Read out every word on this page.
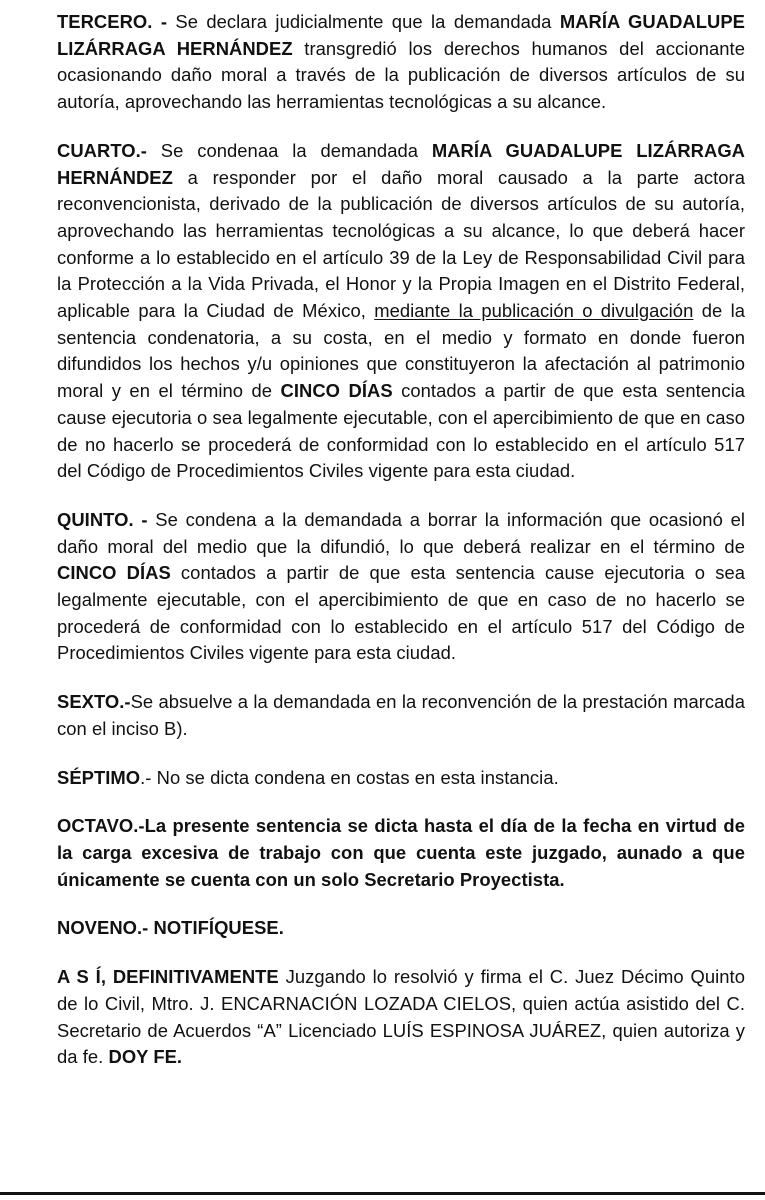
TERCERO. - Se declara judicialmente que la demandada MARÍA GUADALUPE LIZÁRRAGA HERNÁNDEZ transgredió los derechos humanos del accionante ocasionando daño moral a través de la publicación de diversos artículos de su autoría, aprovechando las herramientas tecnológicas a su alcance.

CUARTO.- Se condenaa la demandada MARÍA GUADALUPE LIZÁRRAGA HERNÁNDEZ a responder por el daño moral causado a la parte actora reconvencionista, derivado de la publicación de diversos artículos de su autoría, aprovechando las herramientas tecnológicas a su alcance, lo que deberá hacer conforme a lo establecido en el artículo 39 de la Ley de Responsabilidad Civil para la Protección a la Vida Privada, el Honor y la Propia Imagen en el Distrito Federal, aplicable para la Ciudad de México, mediante la publicación o divulgación de la sentencia condenatoria, a su costa, en el medio y formato en donde fueron difundidos los hechos y/u opiniones que constituyeron la afectación al patrimonio moral y en el término de CINCO DÍAS contados a partir de que esta sentencia cause ejecutoria o sea legalmente ejecutable, con el apercibimiento de que en caso de no hacerlo se procederá de conformidad con lo establecido en el artículo 517 del Código de Procedimientos Civiles vigente para esta ciudad.

QUINTO. - Se condena a la demandada a borrar la información que ocasionó el daño moral del medio que la difundió, lo que deberá realizar en el término de CINCO DÍAS contados a partir de que esta sentencia cause ejecutoria o sea legalmente ejecutable, con el apercibimiento de que en caso de no hacerlo se procederá de conformidad con lo establecido en el artículo 517 del Código de Procedimientos Civiles vigente para esta ciudad.

SEXTO.-Se absuelve a la demandada en la reconvención de la prestación marcada con el inciso B).

SÉPTIMO.- No se dicta condena en costas en esta instancia.

OCTAVO.-La presente sentencia se dicta hasta el día de la fecha en virtud de la carga excesiva de trabajo con que cuenta este juzgado, aunado a que únicamente se cuenta con un solo Secretario Proyectista.

NOVENO.- NOTIFÍQUESE.

A S Í, DEFINITIVAMENTE Juzgando lo resolvió y firma el C. Juez Décimo Quinto de lo Civil, Mtro. J. ENCARNACIÓN LOZADA CIELOS, quien actúa asistido del C. Secretario de Acuerdos “A” Licenciado LUÍS ESPINOSA JUÁREZ, quien autoriza y da fe. DOY FE.
